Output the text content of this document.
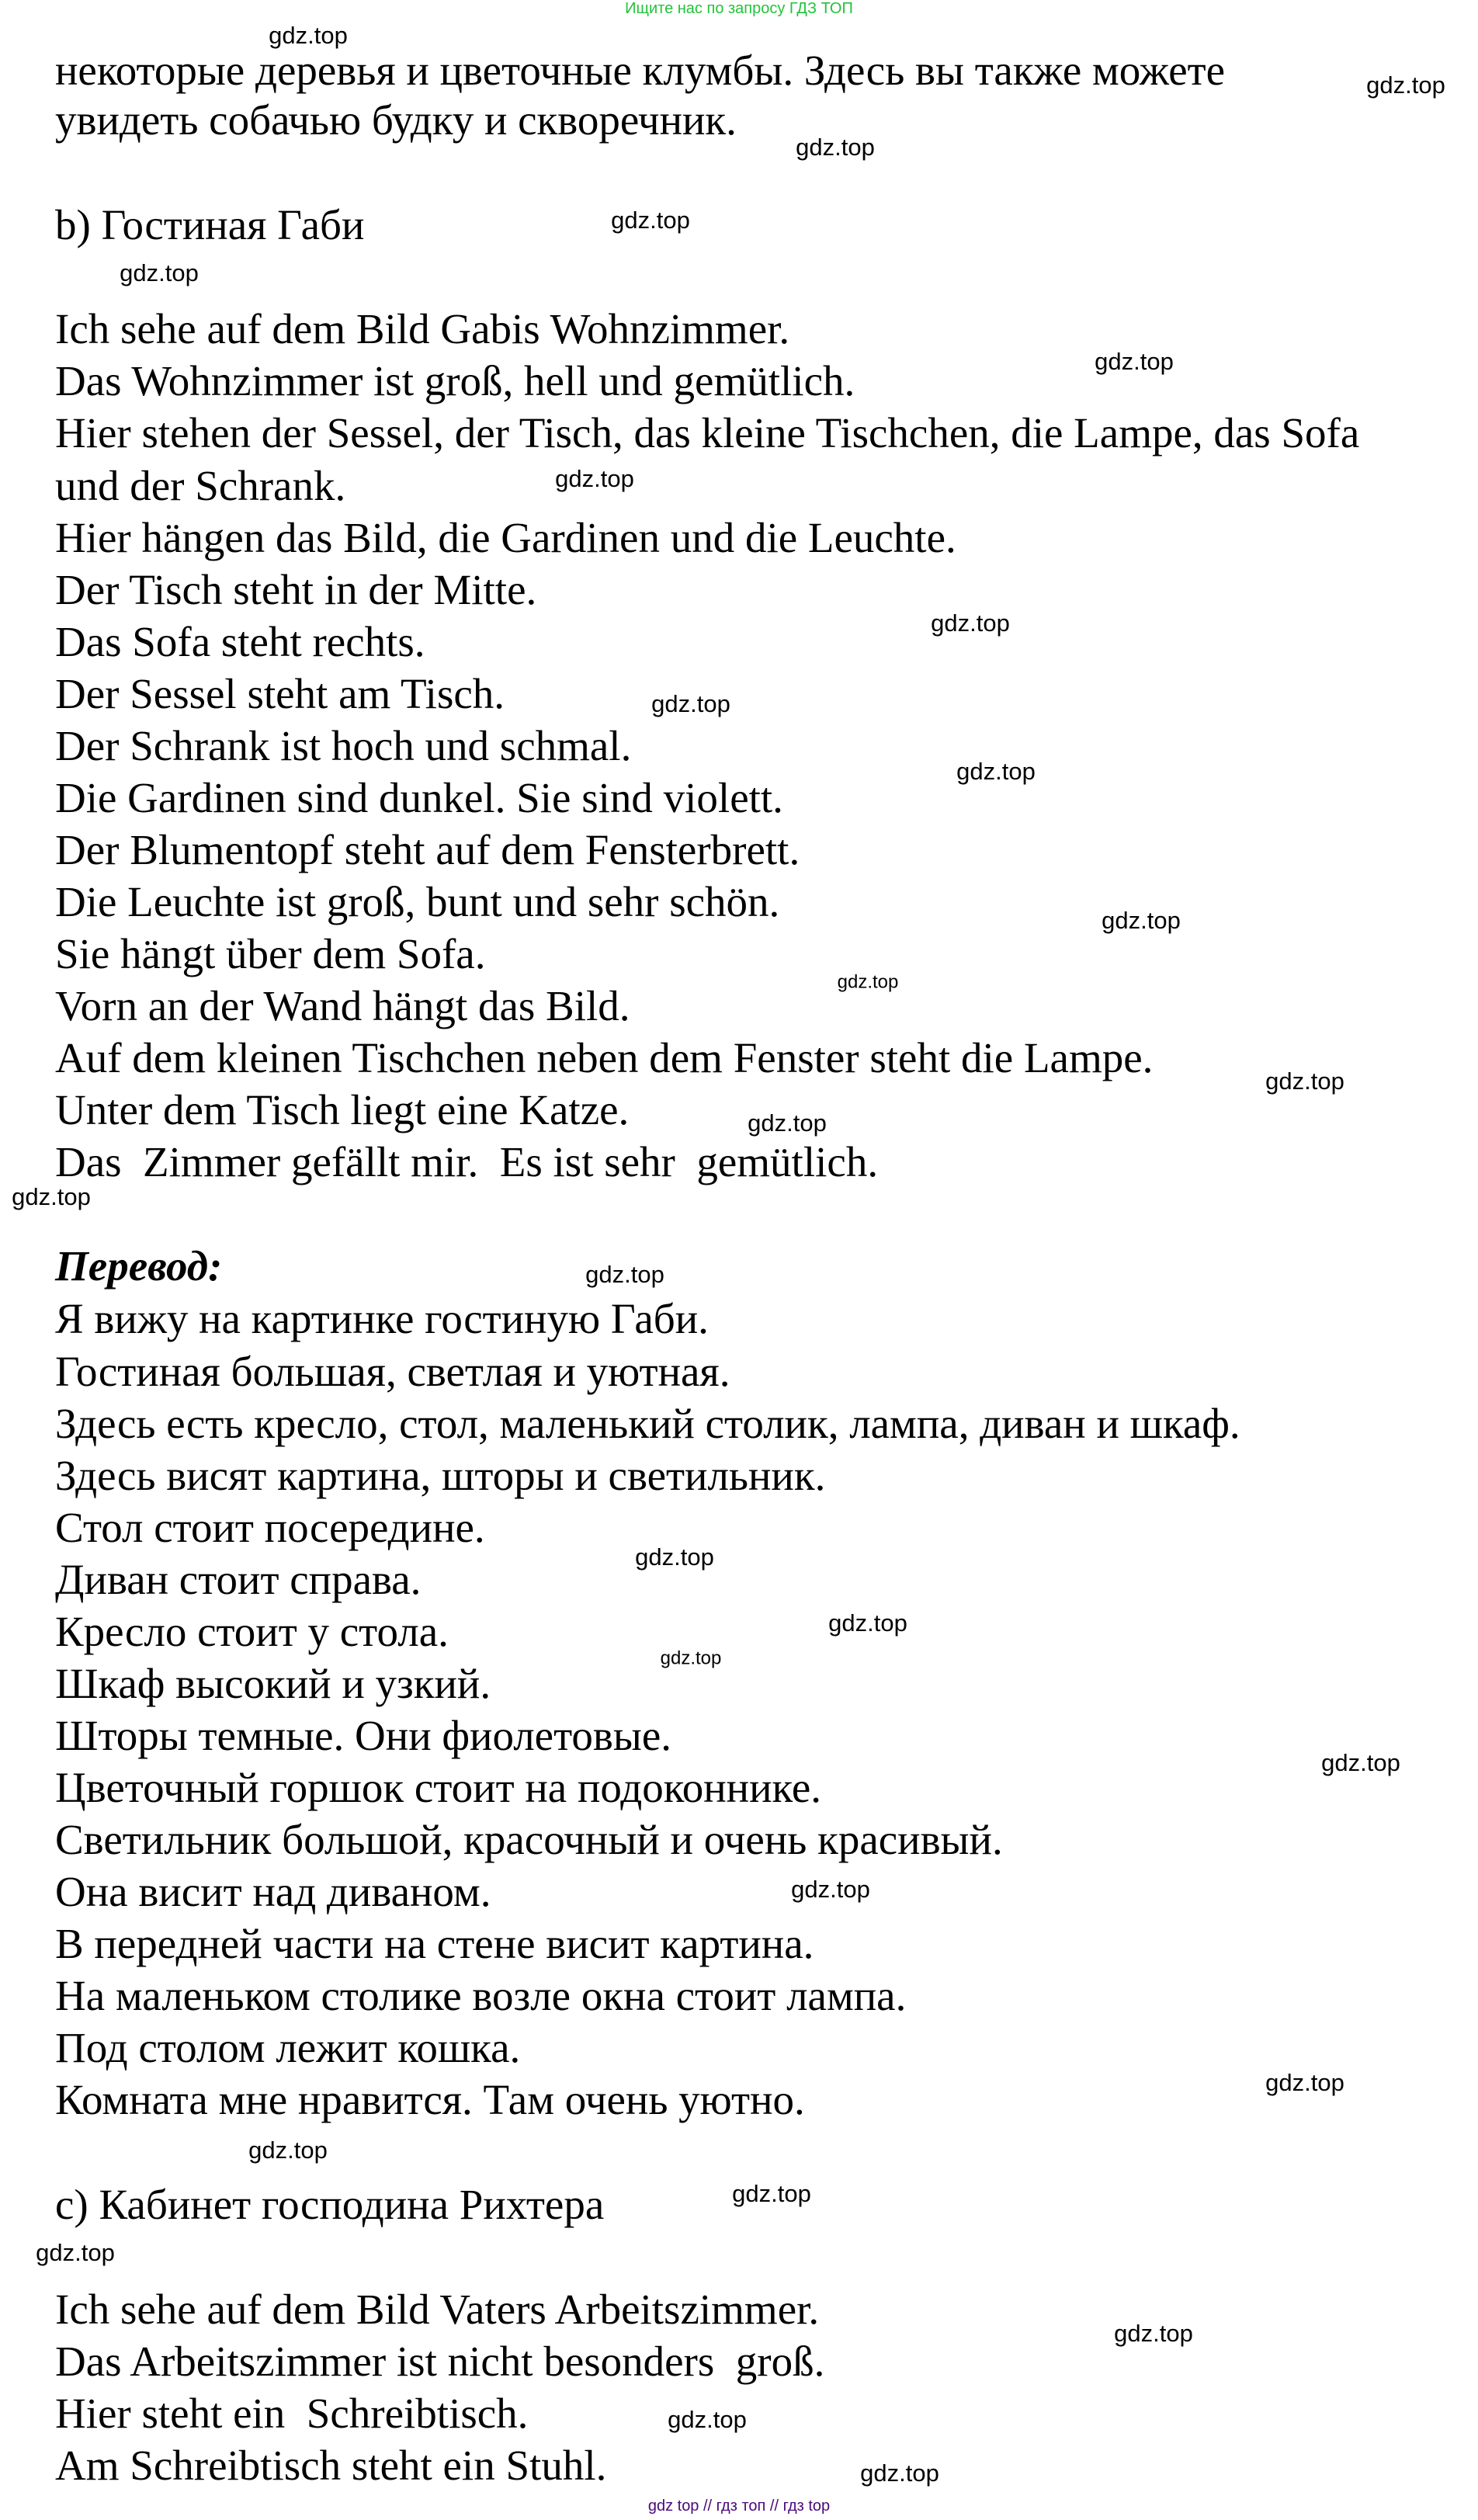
Ищите нас по запросу ГДЗ ТОП
некоторые деревья и цветочные клумбы. Здесь вы также можете
увидеть собачью будку и скворечник.
b) Гостиная Габи
Ich sehe auf dem Bild Gabis Wohnzimmer.
Das Wohnzimmer ist groß, hell und gemütlich.
Hier stehen der Sessel, der Tisch, das kleine Tischchen, die Lampe, das Sofa
und der Schrank.
Hier hängen das Bild, die Gardinen und die Leuchte.
Der Tisch steht in der Mitte.
Das Sofa steht rechts.
Der Sessel steht am Tisch.
Der Schrank ist hoch und schmal.
Die Gardinen sind dunkel. Sie sind violett.
Der Blumentopf steht auf dem Fensterbrett.
Die Leuchte ist groß, bunt und sehr schön.
Sie hängt über dem Sofa.
Vorn an der Wand hängt das Bild.
Auf dem kleinen Tischchen neben dem Fenster steht die Lampe.
Unter dem Tisch liegt eine Katze.
Das  Zimmer gefällt mir.  Es ist sehr  gemütlich.
Перевод:
Я вижу на картинке гостиную Габи.
Гостиная большая, светлая и уютная.
Здесь есть кресло, стол, маленький столик, лампа, диван и шкаф.
Здесь висят картина, шторы и светильник.
Стол стоит посередине.
Диван стоит справа.
Кресло стоит у стола.
Шкаф высокий и узкий.
Шторы темные. Они фиолетовые.
Цветочный горшок стоит на подоконнике.
Светильник большой, красочный и очень красивый.
Она висит над диваном.
В передней части на стене висит картина.
На маленьком столике возле окна стоит лампа.
Под столом лежит кошка.
Комната мне нравится. Там очень уютно.
c) Кабинет господина Рихтера
Ich sehe auf dem Bild Vaters Arbeitszimmer.
Das Arbeitszimmer ist nicht besonders  groß.
Hier steht ein  Schreibtisch.
Am Schreibtisch steht ein Stuhl.
gdz.top
gdz.top
gdz.top
gdz.top
gdz.top
gdz.top
gdz.top
gdz.top
gdz.top
gdz.top
gdz.top
gdz.top
gdz.top
gdz.top
gdz.top
gdz.top
gdz.top
gdz.top
gdz.top
gdz.top
gdz.top
gdz.top
gdz.top
gdz.top
gdz.top
gdz.top
gdz.top
gdz.top
gdz top // гдз топ // гдз top
